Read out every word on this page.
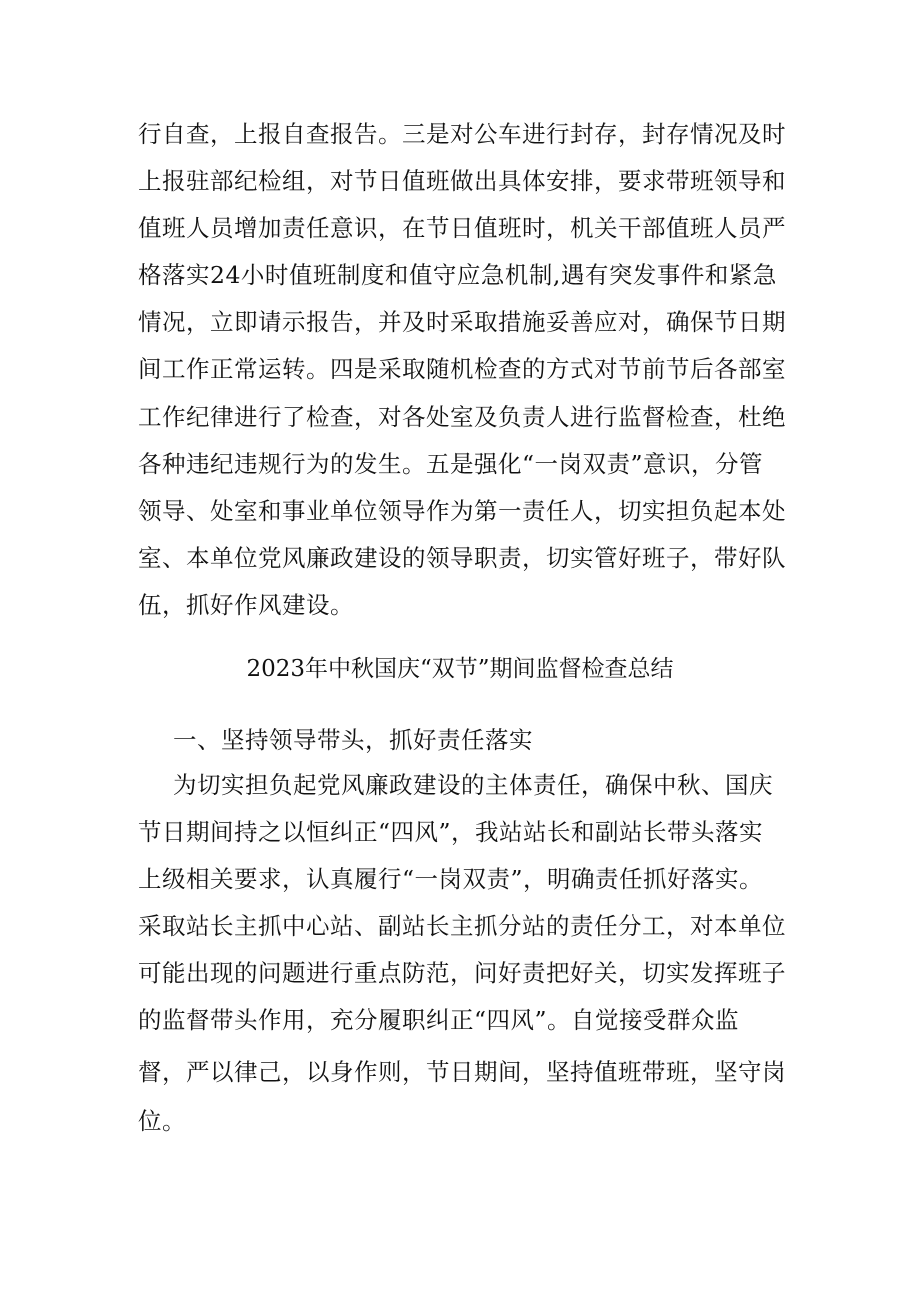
行自查，上报自查报告。三是对公车进行封存，封存情况及时
上报驻部纪检组，对节日值班做出具体安排，要求带班领导和
值班人员增加责任意识，在节日值班时，机关干部值班人员严
格落实24小时值班制度和值守应急机制,遇有突发事件和紧急
情况，立即请示报告，并及时采取措施妥善应对，确保节日期
间工作正常运转。四是采取随机检查的方式对节前节后各部室
工作纪律进行了检查，对各处室及负责人进行监督检查，杜绝
各种违纪违规行为的发生。五是强化“一岗双责”意识，分管
领导、处室和事业单位领导作为第一责任人，切实担负起本处
室、本单位党风廉政建设的领导职责，切实管好班子，带好队
伍，抓好作风建设。
2023年中秋国庆“双节”期间监督检查总结
一、坚持领导带头，抓好责任落实
为切实担负起党风廉政建设的主体责任，确保中秋、国庆
节日期间持之以恒纠正“四风”，我站站长和副站长带头落实
上级相关要求，认真履行“一岗双责”，明确责任抓好落实。
采取站长主抓中心站、副站长主抓分站的责任分工，对本单位
可能出现的问题进行重点防范，问好责把好关，切实发挥班子
的监督带头作用，充分履职纠正“四风”。自觉接受群众监
督，严以律己，以身作则，节日期间，坚持值班带班，坚守岗
位。
